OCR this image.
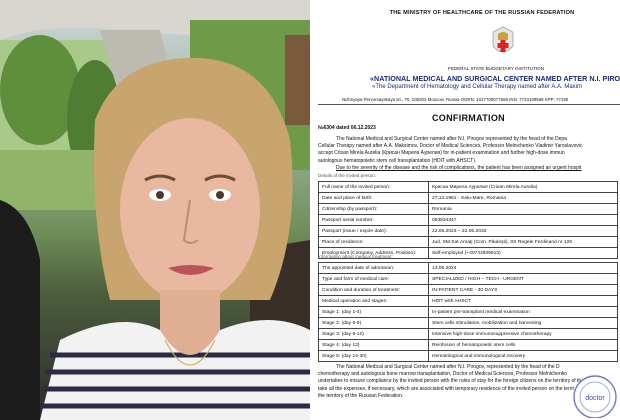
THE MINISTRY OF HEALTHCARE OF THE RUSSIAN FEDERATION
FEDERAL STATE BUDGETARY INSTITUTION
«NATIONAL MEDICAL AND SURGICAL CENTER NAMED AFTER N.I. PIRO
«The Department of Hematology and Cellular Therapy named after A.A. Maxim
Nizhnyaya Pervomayskaya str., 70, 105203 Moscow, Russia OGRN: 1027700077668 INN: 7733108569 KPP: 77190
CONFIRMATION
№6304 dated 06.12.2023
The National Medical and Surgical Center named after N.I. Pirogov represented by the head of the Depa
Cellular Therapy named after A.A. Maksimov, Doctor of Medical Sciences, Professor Melnichenko Vladimir Yaroslavovic
accept Crisan Mirela Aurelia (Крисан Мирела Аурелия) for in-patient examination and further high-dose immun
autologous hematopoietic stem cell transplantation (HDIT with AHSCT).
Due to the severity of the disease and the risk of complications, the patient has been assigned an urgent hospit
Details of the invited person:
Full name of the invited person:	Крисан Мирела Аурелия (Crisan Mirela Aurelia)
Date and place of birth:	27.12.1981 - Satu-Mare, Romania
Citizenship (by passport):	Romania
Passport serial number:	063934347
Passport (issue / expire date):	22.05.2023 – 22.05.2033
Place of residence:	Jud. SM.Sat.Amaţi (Com. Păuleşti), Str Regele Ferdinand nr 129
Employment (Company, Address, Position):	Self-employed (+40743939913)
Information about medical treatment:
The appointed date of admission:	13.05.2024
Type and form of medical care:	SPECIALIZED / HIGH – TECH - URGENT
Condition and duration of treatment:	IN-PATIENT CARE - 30 DAYS
Medical operation and stages:	HDIT with AHSCT
Stage 1: (day 1-4)	In-patient pre-transplant medical examination
Stage 2: (day 5-9)	Stem cells stimulation, mobilization and harvesting
Stage 3: (day 9-12)	Intensive high-dose immunosuppressive chemotherapy
Stage 4: (day 13)	Reinfusion of hematopoietic stem cells
Stage 5: (day 14-30)	Hematological and immunological recovery
The National Medical and Surgical Center named after N.I. Pirogov, represented by the head of the D
chemotherapy and autologous bone marrow transplantation, Doctor of Medical Sciences, Professor Melnichenko
undertakes to ensure compliance by the invited person with the rules of stay for the foreign citizens on the territory of th
take all the expenses, if necessary, which are associated with temporary residence of the invited person on the territ
the territory of the Russian Federation.	doctor
